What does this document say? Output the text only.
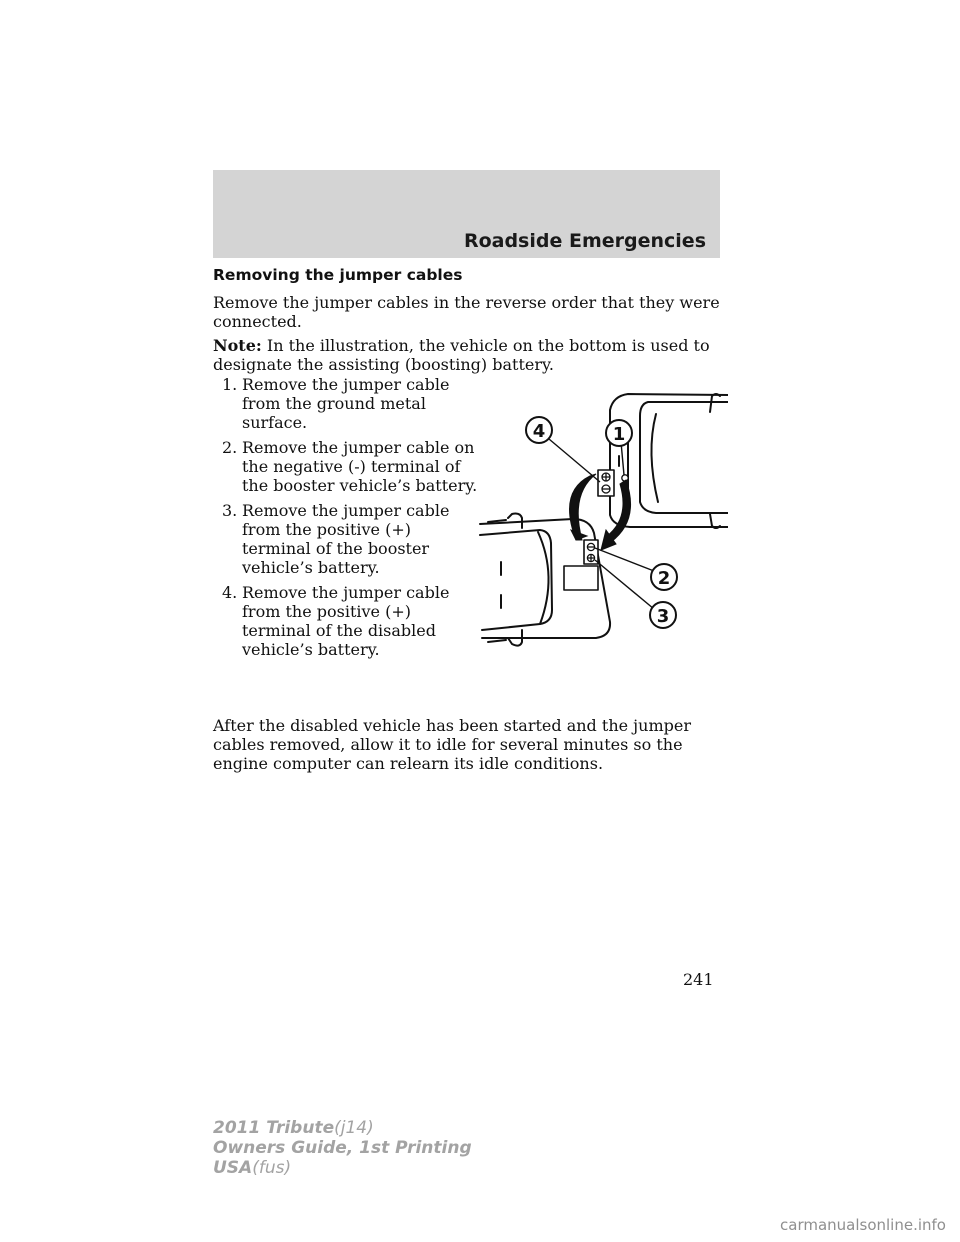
Roadside Emergencies
Removing the jumper cables
Remove the jumper cables in the reverse order that they were connected.
Note: In the illustration, the vehicle on the bottom is used to designate the assisting (boosting) battery.
1. Remove the jumper cable from the ground metal surface.
2. Remove the jumper cable on the negative (-) terminal of the booster vehicle’s battery.
3. Remove the jumper cable from the positive (+) terminal of the booster vehicle’s battery.
4. Remove the jumper cable from the positive (+) terminal of the disabled vehicle’s battery.
4	1
2
3
After the disabled vehicle has been started and the jumper cables removed, allow it to idle for several minutes so the engine computer can relearn its idle conditions.
241
2011 Tribute(j14)
Owners Guide, 1st Printing
USA(fus)
carmanualsonline.info
